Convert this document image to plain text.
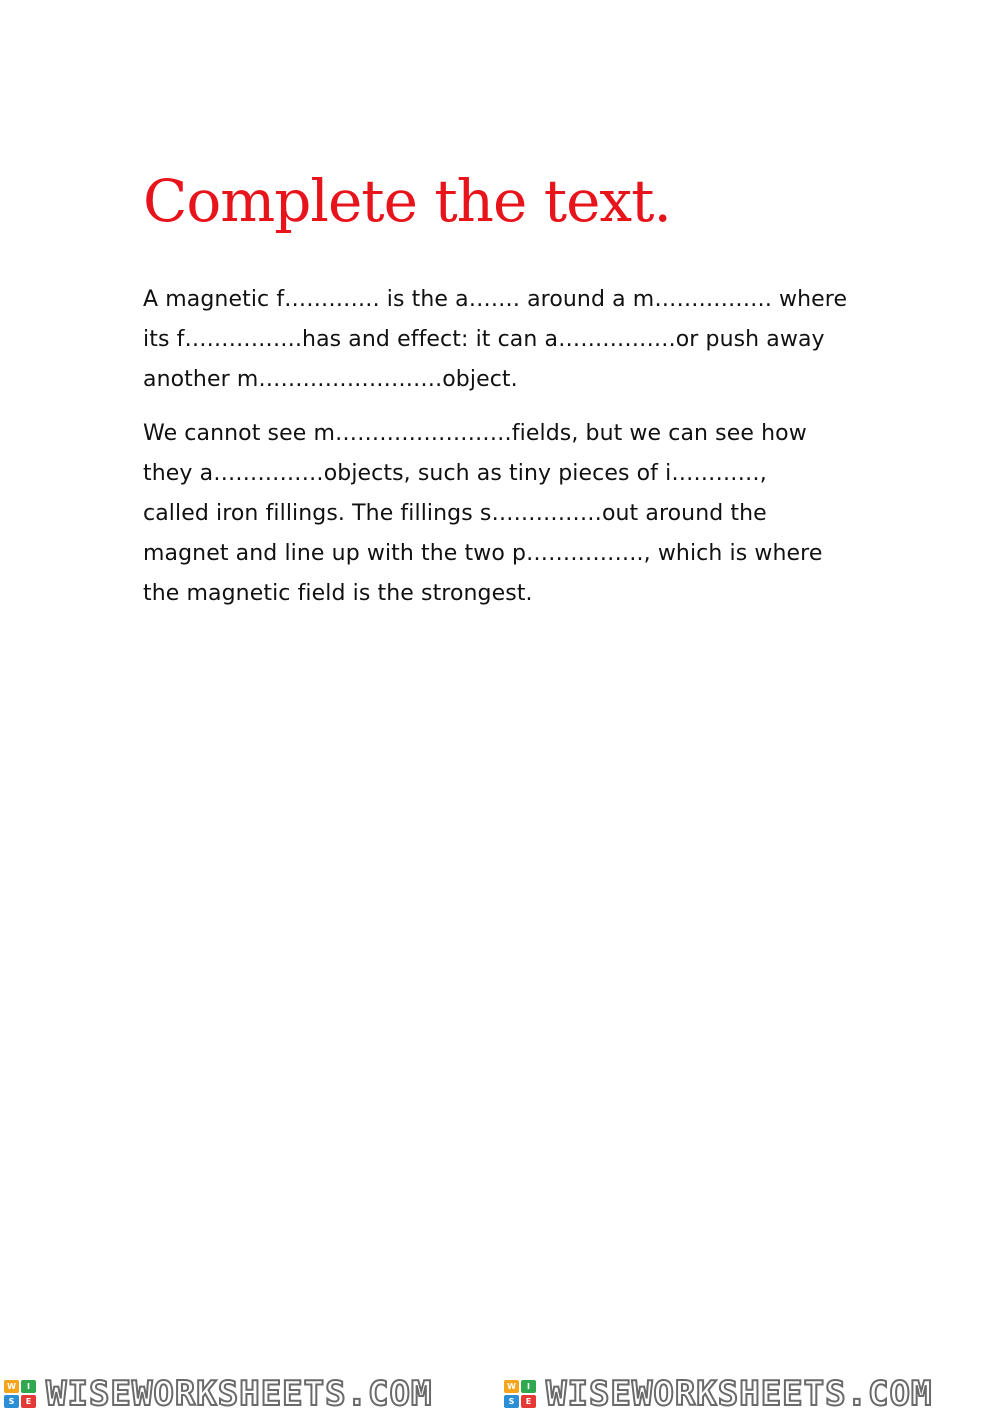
Complete the text.

A magnetic f…………. is the a……. around a m……………. where
its f…………….has and effect: it can a…………….or push away
another m…………………….object.

We cannot see m……………………fields, but we can see how
they a……………objects, such as tiny pieces of i…………,
called iron fillings. The fillings s……………out around the
magnet and line up with the two p……………., which is where
the magnetic field is the strongest.

W	I
S	E WISEWORKSHEETS.COM	W	I
S	E WISEWORKSHEETS.COM
